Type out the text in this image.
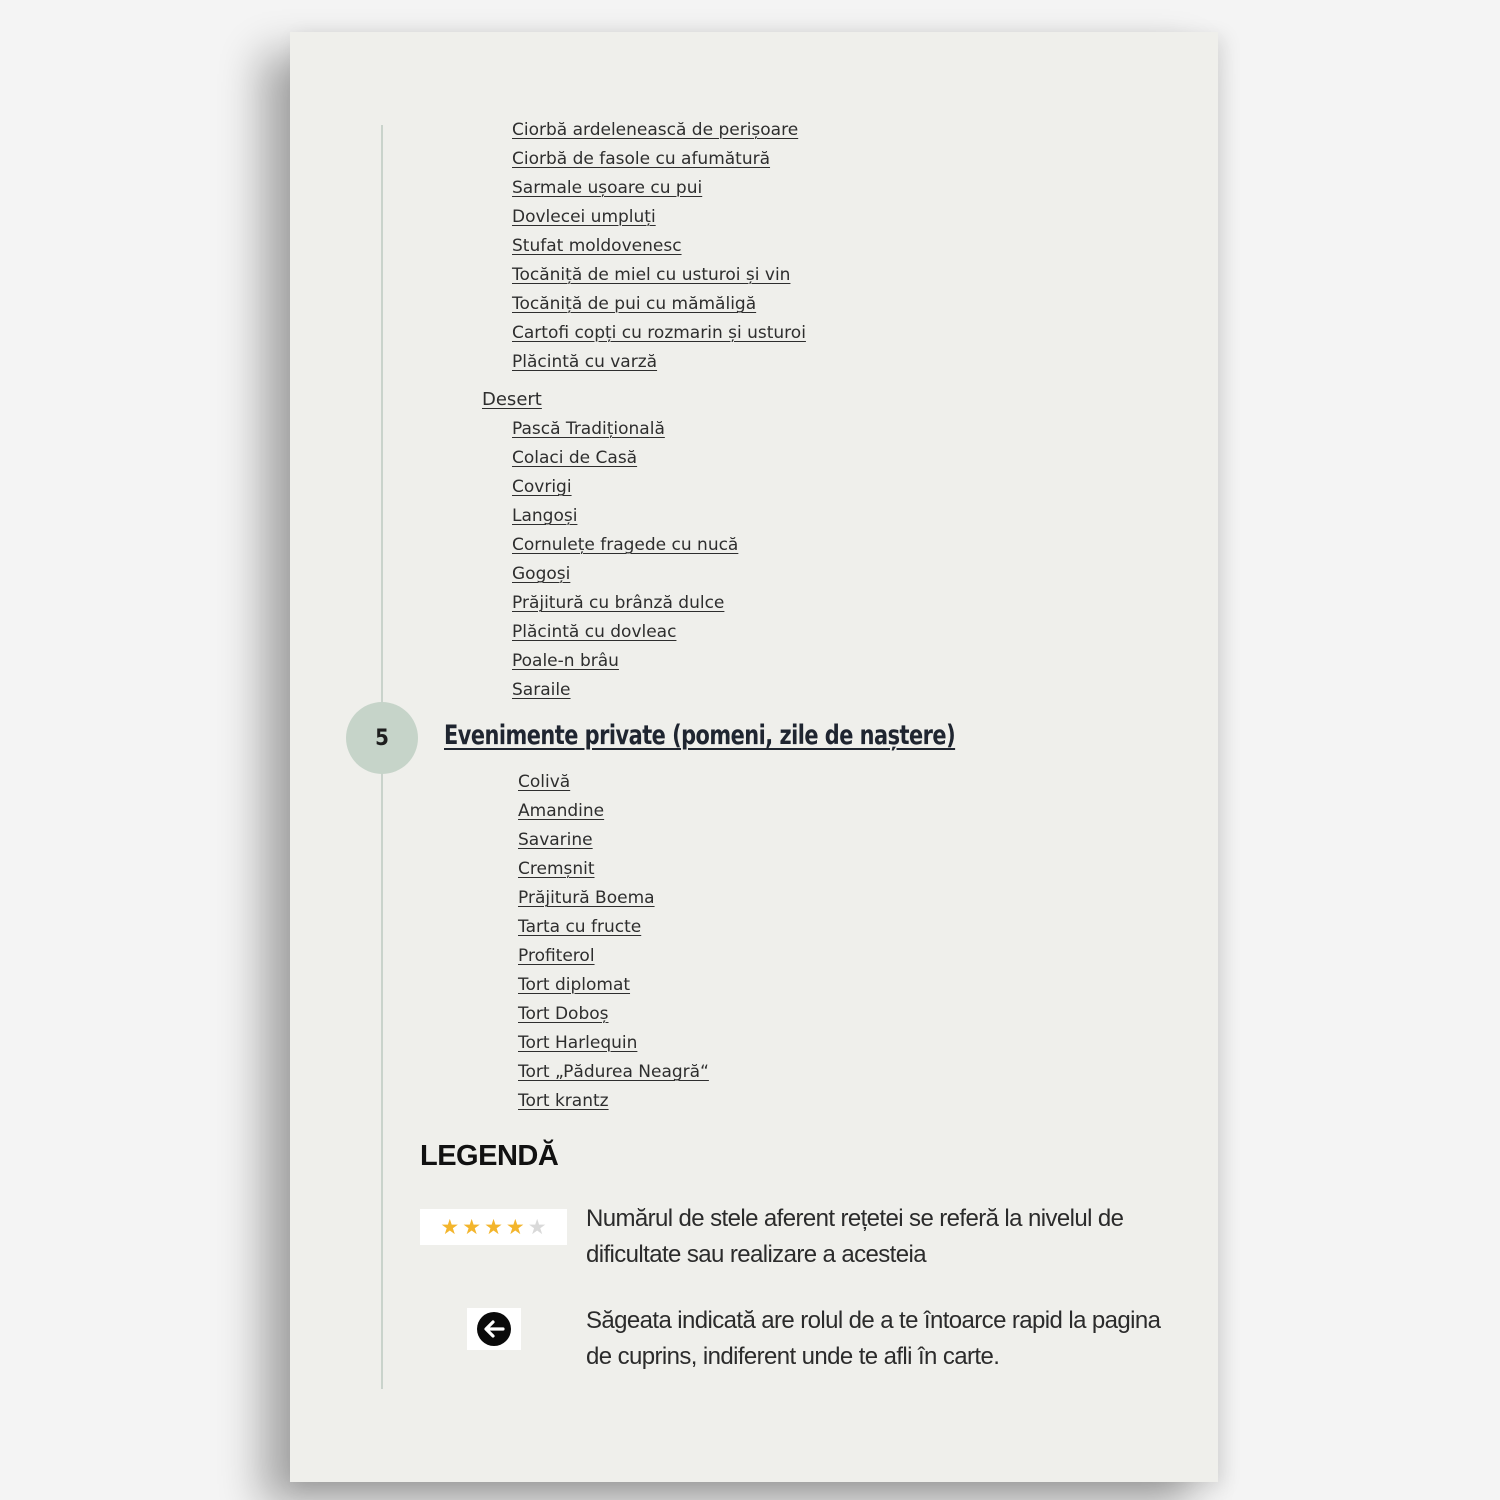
Ciorbă ardelenească de perișoare
Ciorbă de fasole cu afumătură
Sarmale ușoare cu pui
Dovlecei umpluți
Stufat moldovenesc
Tocăniță de miel cu usturoi și vin
Tocăniță de pui cu mămăligă
Cartofi copți cu rozmarin și usturoi
Plăcintă cu varză
Desert
Pască Tradițională
Colaci de Casă
Covrigi
Langoși
Cornulețe fragede cu nucă
Gogoși
Prăjitură cu brânză dulce
Plăcintă cu dovleac
Poale-n brâu
Saraile
5	Evenimente private (pomeni, zile de naștere)
Colivă
Amandine
Savarine
Cremșnit
Prăjitură Boema
Tarta cu fructe
Profiterol
Tort diplomat
Tort Doboș
Tort Harlequin
Tort „Pădurea Neagră“
Tort krantz
LEGENDĂ
★ ★ ★ ★ ★ Numărul de stele aferent rețetei se referă la nivelul de dificultate sau realizare a acesteia

Săgeata indicată are rolul de a te întoarce rapid la pagina de cuprins, indiferent unde te afli în carte.
